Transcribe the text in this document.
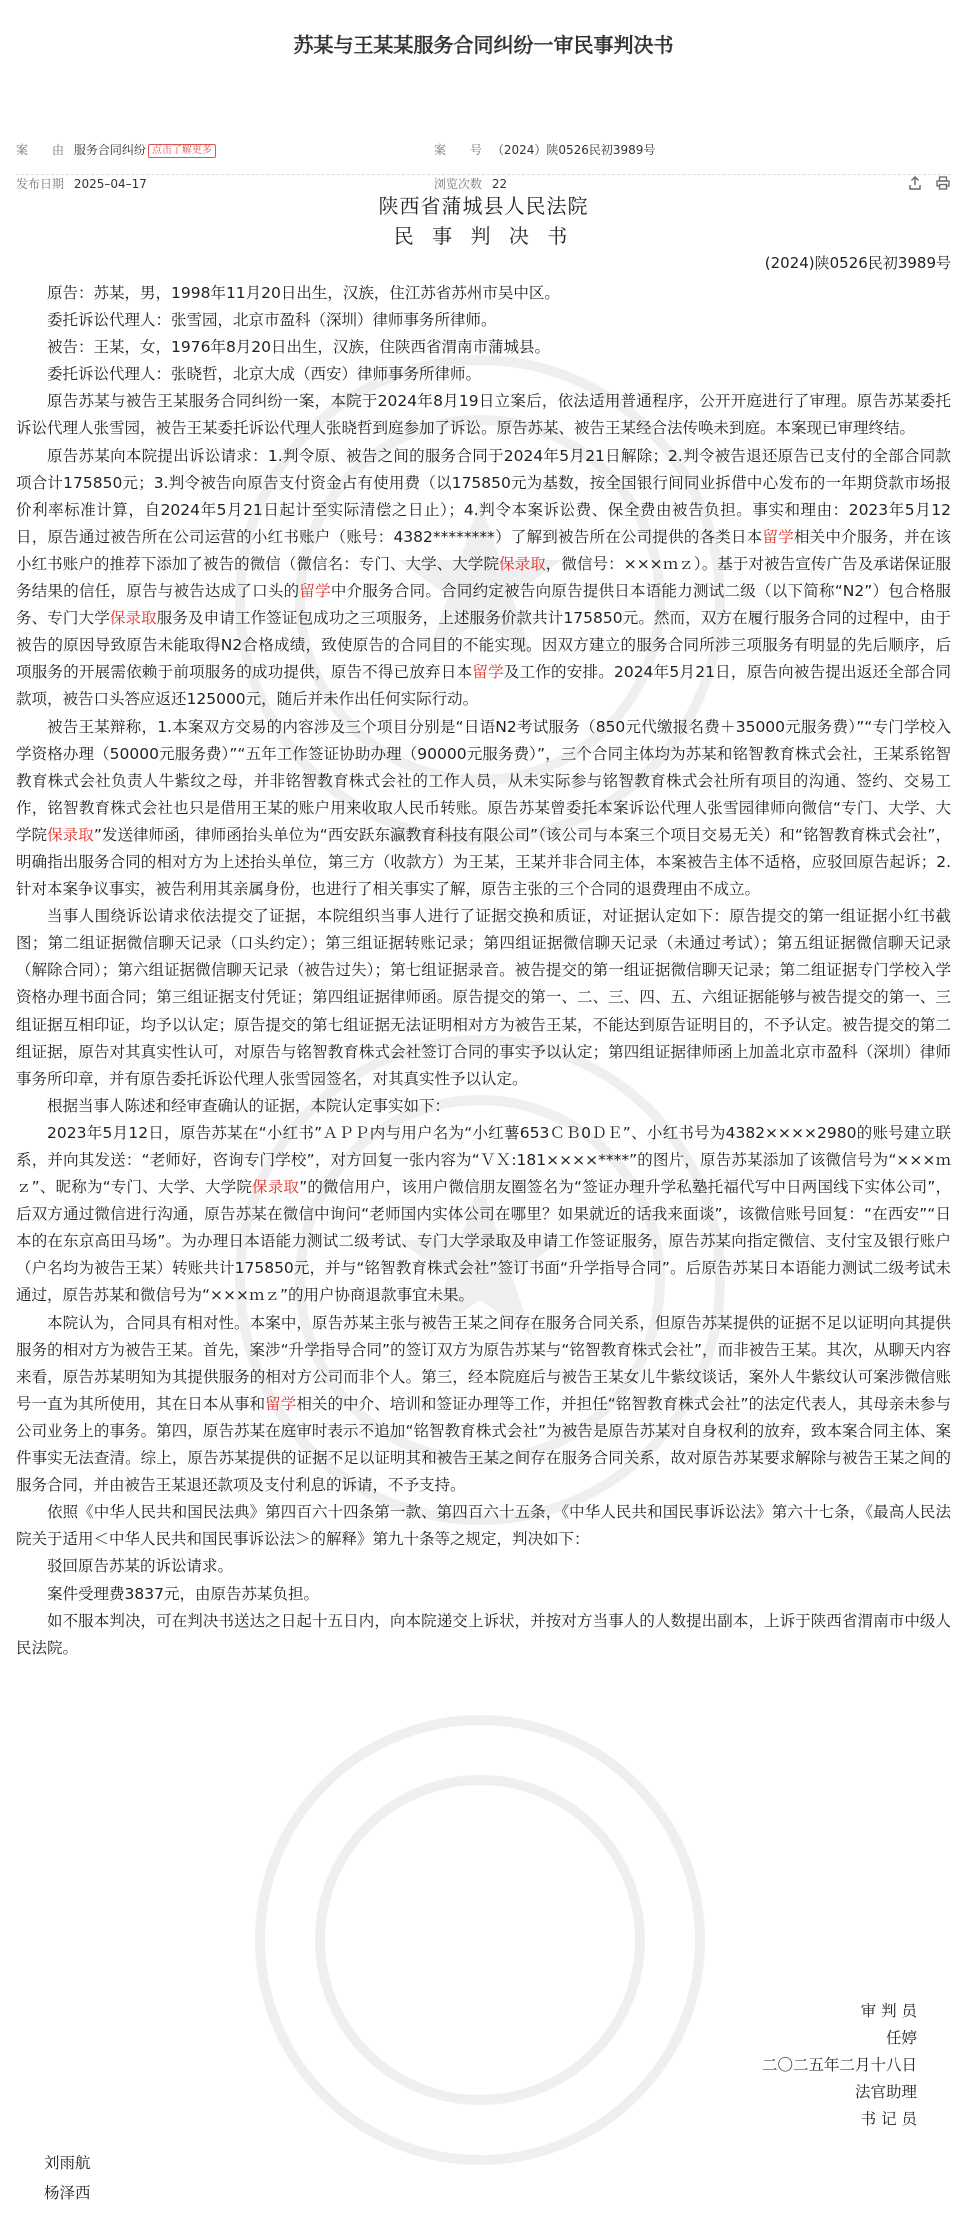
苏某与王某某服务合同纠纷一审民事判决书
案　　由 服务合同纠纷 点击了解更多	案　　号 （2024）陕0526民初3989号
发布日期 2025–04–17	浏览次数 22

陕西省蒲城县人民法院
民 事 判 决 书
(2024)陕0526民初3989号

原告：苏某，男，1998年11月20日出生，汉族，住江苏省苏州市吴中区。

委托诉讼代理人：张雪园，北京市盈科（深圳）律师事务所律师。

被告：王某，女，1976年8月20日出生，汉族，住陕西省渭南市蒲城县。

委托诉讼代理人：张晓哲，北京大成（西安）律师事务所律师。

原告苏某与被告王某服务合同纠纷一案，本院于2024年8月19日立案后，依法适用普通程序，公开开庭进行了审理。原告苏某委托诉讼代理人张雪园，被告王某委托诉讼代理人张晓哲到庭参加了诉讼。原告苏某、被告王某经合法传唤未到庭。本案现已审理终结。

原告苏某向本院提出诉讼请求：1.判令原、被告之间的服务合同于2024年5月21日解除；2.判令被告退还原告已支付的全部合同款项合计175850元；3.判令被告向原告支付资金占有使用费（以175850元为基数，按全国银行间同业拆借中心发布的一年期贷款市场报价利率标准计算，自2024年5月21日起计至实际清偿之日止）；4.判令本案诉讼费、保全费由被告负担。事实和理由：2023年5月12日，原告通过被告所在公司运营的小红书账户（账号：4382********）了解到被告所在公司提供的各类日本留学相关中介服务，并在该小红书账户的推荐下添加了被告的微信（微信名：专门、大学、大学院保录取，微信号：×××ｍｚ）。基于对被告宣传广告及承诺保证服务结果的信任，原告与被告达成了口头的留学中介服务合同。合同约定被告向原告提供日本语能力测试二级（以下简称“N2”）包合格服务、专门大学保录取服务及申请工作签证包成功之三项服务，上述服务价款共计175850元。然而，双方在履行服务合同的过程中，由于被告的原因导致原告未能取得N2合格成绩，致使原告的合同目的不能实现。因双方建立的服务合同所涉三项服务有明显的先后顺序，后项服务的开展需依赖于前项服务的成功提供，原告不得已放弃日本留学及工作的安排。2024年5月21日，原告向被告提出返还全部合同款项，被告口头答应返还125000元，随后并未作出任何实际行动。

被告王某辩称，1.本案双方交易的内容涉及三个项目分别是“日语N2考试服务（850元代缴报名费＋35000元服务费）”“专门学校入学资格办理（50000元服务费）”“五年工作签证协助办理（90000元服务费）”，三个合同主体均为苏某和铭智教育株式会社，王某系铭智教育株式会社负责人牛紫纹之母，并非铭智教育株式会社的工作人员，从未实际参与铭智教育株式会社所有项目的沟通、签约、交易工作，铭智教育株式会社也只是借用王某的账户用来收取人民币转账。原告苏某曾委托本案诉讼代理人张雪园律师向微信“专门、大学、大学院保录取”发送律师函，律师函抬头单位为“西安跃东瀛教育科技有限公司”（该公司与本案三个项目交易无关）和“铭智教育株式会社”，明确指出服务合同的相对方为上述抬头单位，第三方（收款方）为王某，王某并非合同主体，本案被告主体不适格，应驳回原告起诉；2.针对本案争议事实，被告利用其亲属身份，也进行了相关事实了解，原告主张的三个合同的退费理由不成立。

当事人围绕诉讼请求依法提交了证据，本院组织当事人进行了证据交换和质证，对证据认定如下：原告提交的第一组证据小红书截图；第二组证据微信聊天记录（口头约定）；第三组证据转账记录；第四组证据微信聊天记录（未通过考试）；第五组证据微信聊天记录（解除合同）；第六组证据微信聊天记录（被告过失）；第七组证据录音。被告提交的第一组证据微信聊天记录；第二组证据专门学校入学资格办理书面合同；第三组证据支付凭证；第四组证据律师函。原告提交的第一、二、三、四、五、六组证据能够与被告提交的第一、三组证据互相印证，均予以认定；原告提交的第七组证据无法证明相对方为被告王某，不能达到原告证明目的，不予认定。被告提交的第二组证据，原告对其真实性认可，对原告与铭智教育株式会社签订合同的事实予以认定；第四组证据律师函上加盖北京市盈科（深圳）律师事务所印章，并有原告委托诉讼代理人张雪园签名，对其真实性予以认定。

根据当事人陈述和经审查确认的证据，本院认定事实如下：

2023年5月12日，原告苏某在“小红书”ＡＰＰ内与用户名为“小红薯653ＣＢ0ＤＥ”、小红书号为4382××××2980的账号建立联系，并向其发送：“老师好，咨询专门学校”，对方回复一张内容为“ＶＸ:181××××****”的图片，原告苏某添加了该微信号为“×××ｍｚ”、昵称为“专门、大学、大学院保录取”的微信用户，该用户微信朋友圈签名为“签证办理升学私塾托福代写中日两国线下实体公司”，后双方通过微信进行沟通，原告苏某在微信中询问“老师国内实体公司在哪里？如果就近的话我来面谈”，该微信账号回复：“在西安”“日本的在东京高田马场”。为办理日本语能力测试二级考试、专门大学录取及申请工作签证服务，原告苏某向指定微信、支付宝及银行账户（户名均为被告王某）转账共计175850元，并与“铭智教育株式会社”签订书面“升学指导合同”。后原告苏某日本语能力测试二级考试未通过，原告苏某和微信号为“×××ｍｚ”的用户协商退款事宜未果。

本院认为，合同具有相对性。本案中，原告苏某主张与被告王某之间存在服务合同关系，但原告苏某提供的证据不足以证明向其提供服务的相对方为被告王某。首先，案涉“升学指导合同”的签订双方为原告苏某与“铭智教育株式会社”，而非被告王某。其次，从聊天内容来看，原告苏某明知为其提供服务的相对方公司而非个人。第三，经本院庭后与被告王某女儿牛紫纹谈话，案外人牛紫纹认可案涉微信账号一直为其所使用，其在日本从事和留学相关的中介、培训和签证办理等工作，并担任“铭智教育株式会社”的法定代表人，其母亲未参与公司业务上的事务。第四，原告苏某在庭审时表示不追加“铭智教育株式会社”为被告是原告苏某对自身权利的放弃，致本案合同主体、案件事实无法查清。综上，原告苏某提供的证据不足以证明其和被告王某之间存在服务合同关系，故对原告苏某要求解除与被告王某之间的服务合同，并由被告王某退还款项及支付利息的诉请，不予支持。

依照《中华人民共和国民法典》第四百六十四条第一款、第四百六十五条，《中华人民共和国民事诉讼法》第六十七条，《最高人民法院关于适用＜中华人民共和国民事诉讼法＞的解释》第九十条等之规定，判决如下：

驳回原告苏某的诉讼请求。

案件受理费3837元，由原告苏某负担。

如不服本判决，可在判决书送达之日起十五日内，向本院递交上诉状，并按对方当事人的人数提出副本，上诉于陕西省渭南市中级人民法院。

审 判 员
任婷
二〇二五年二月十八日
法官助理
书 记 员
刘雨航
杨泽西
